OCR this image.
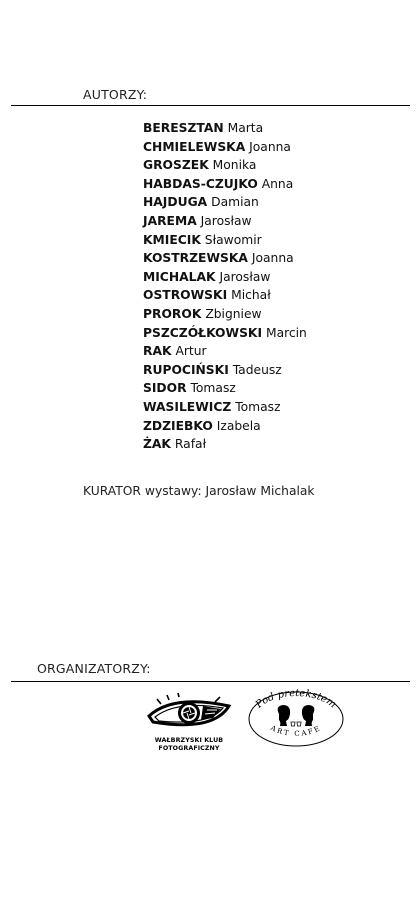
AUTORZY:
BERESZTAN Marta
CHMIELEWSKA Joanna
GROSZEK Monika
HABDAS-CZUJKO Anna
HAJDUGA Damian
JAREMA Jarosław
KMIECIK Sławomir
KOSTRZEWSKA Joanna
MICHALAK Jarosław
OSTROWSKI Michał
PROROK Zbigniew
PSZCZÓŁKOWSKI Marcin
RAK Artur
RUPOCIŃSKI Tadeusz
SIDOR Tomasz
WASILEWICZ Tomasz
ZDZIEBKO Izabela
ŻAK Rafał
KURATOR wystawy: Jarosław Michalak
ORGANIZATORZY:
WAŁBRZYSKI KLUB
FOTOGRAFICZNY
Pod pretekstem
ART CAFE
